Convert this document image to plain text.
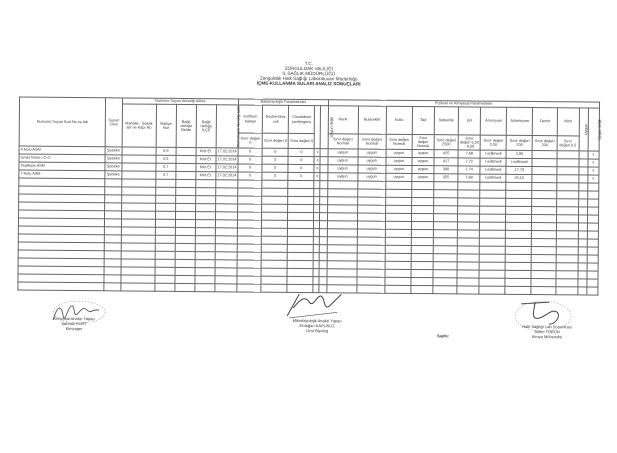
T.C.
ZONGULDAK VALİLİĞİ
İL SAĞLIK MÜDÜRLÜĞÜ
Zonguldak Halk Sağlığı Laboratuvarı Müdürlüğü
İÇME-KULLANMA SULARI ANALİZ SONUÇLARI
Numune Suyun Kod No ve Adı	Suyun Cinsi	Numune Suyun Alındığı Adres					Bakteriyolojik Parametreler					Fiziksel ve Kimyasal Parametreler											
		Mahalle - Sokak adı ve Kapı No	Bakiye klor	Bağlı olduğu Belde	Bağlı olduğu İLÇE	Numunenin Alındığı tarih	Koliform bakteri	Escherichia coli	Clostridium perfringens		Uygun değil	Renk	Bulanıklık	Koku	Tad	İletkenlik	pH	Amonyum	Alüminyum	Demir	Nitrit	Uygun	Uygun değil
							Sınır değeri 0	Sınır değeri 0	Sınır değeri 0			Sınır değeri Normal	Sınır değeri Normal	Sınır değeri Normal	Sınır değeri Normal	Sınır değeri 2500	Sınır değeri 6,50 - 9,50	Sınır değeri 0,50	Sınır değeri 200	Sınır değeri 200	Sınır değeri 0,5		

4 Nolu ASM	Şebeke		0,9		Kdz.Er.	17.02.2014	0	0	0	x		uygun	uygun	uygun	uygun	425	7,68	t.edilmedi	2,80				x
İsmet İnönü İ.Ö.O	Şebeke		0,5		Kdz.Er.	17.02.2014	0	0	0	x		uygun	uygun	uygun	uygun	417	7,72	t.edilmedi	t.edilmedi				x
Yeşiltepe ASM	Şebeke		0,7		Kdz.Er.	17.02.2014	0	0	0	x		uygun	uygun	uygun	uygun	390	7,74	t.edilmedi	17,70				x
7 Nolu ASM	Şebeke		0,7		Kdz.Er.	17.02.2014	0	0	0	x		uygun	uygun	uygun	uygun	355	7,68	t.edilmedi	20,10				x

Kimyasal Analizi Yapan
Şahnaz KURT
Kimyager
Mikrobiyolojik Analizi Yapan
Erdoğan KAPUSUZ
Uzm.Biyolog
Sayfa:
Halk Sağlığı Lab.Sorumlusu
Selim TORUN
Kimya Mühendisi
